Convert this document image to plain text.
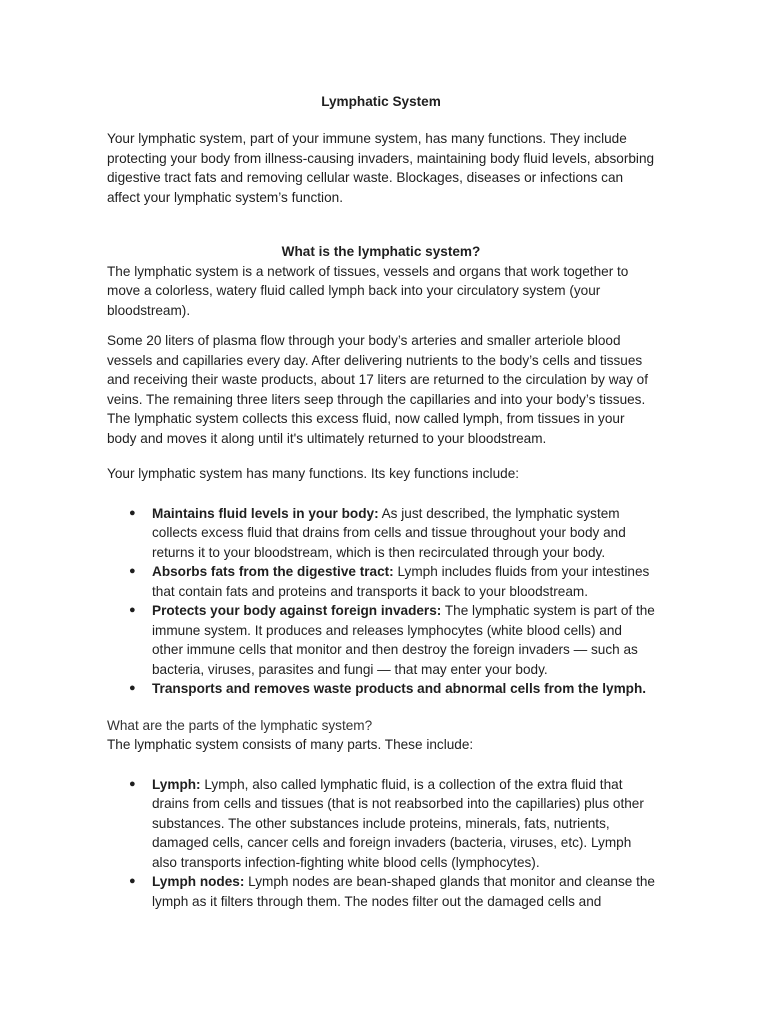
Lymphatic System

Your lymphatic system, part of your immune system, has many functions. They include protecting your body from illness-causing invaders, maintaining body fluid levels, absorbing digestive tract fats and removing cellular waste. Blockages, diseases or infections can affect your lymphatic system’s function.

What is the lymphatic system?

The lymphatic system is a network of tissues, vessels and organs that work together to move a colorless, watery fluid called lymph back into your circulatory system (your bloodstream).

Some 20 liters of plasma flow through your body’s arteries and smaller arteriole blood vessels and capillaries every day. After delivering nutrients to the body’s cells and tissues and receiving their waste products, about 17 liters are returned to the circulation by way of veins. The remaining three liters seep through the capillaries and into your body’s tissues. The lymphatic system collects this excess fluid, now called lymph, from tissues in your body and moves it along until it's ultimately returned to your bloodstream.

Your lymphatic system has many functions. Its key functions include:

● Maintains fluid levels in your body: As just described, the lymphatic system collects excess fluid that drains from cells and tissue throughout your body and returns it to your bloodstream, which is then recirculated through your body.
● Absorbs fats from the digestive tract: Lymph includes fluids from your intestines that contain fats and proteins and transports it back to your bloodstream.
● Protects your body against foreign invaders: The lymphatic system is part of the immune system. It produces and releases lymphocytes (white blood cells) and other immune cells that monitor and then destroy the foreign invaders — such as bacteria, viruses, parasites and fungi — that may enter your body.
● Transports and removes waste products and abnormal cells from the lymph.

What are the parts of the lymphatic system?

The lymphatic system consists of many parts. These include:

● Lymph: Lymph, also called lymphatic fluid, is a collection of the extra fluid that drains from cells and tissues (that is not reabsorbed into the capillaries) plus other substances. The other substances include proteins, minerals, fats, nutrients, damaged cells, cancer cells and foreign invaders (bacteria, viruses, etc). Lymph also transports infection-fighting white blood cells (lymphocytes).
● Lymph nodes: Lymph nodes are bean-shaped glands that monitor and cleanse the lymph as it filters through them. The nodes filter out the damaged cells and
